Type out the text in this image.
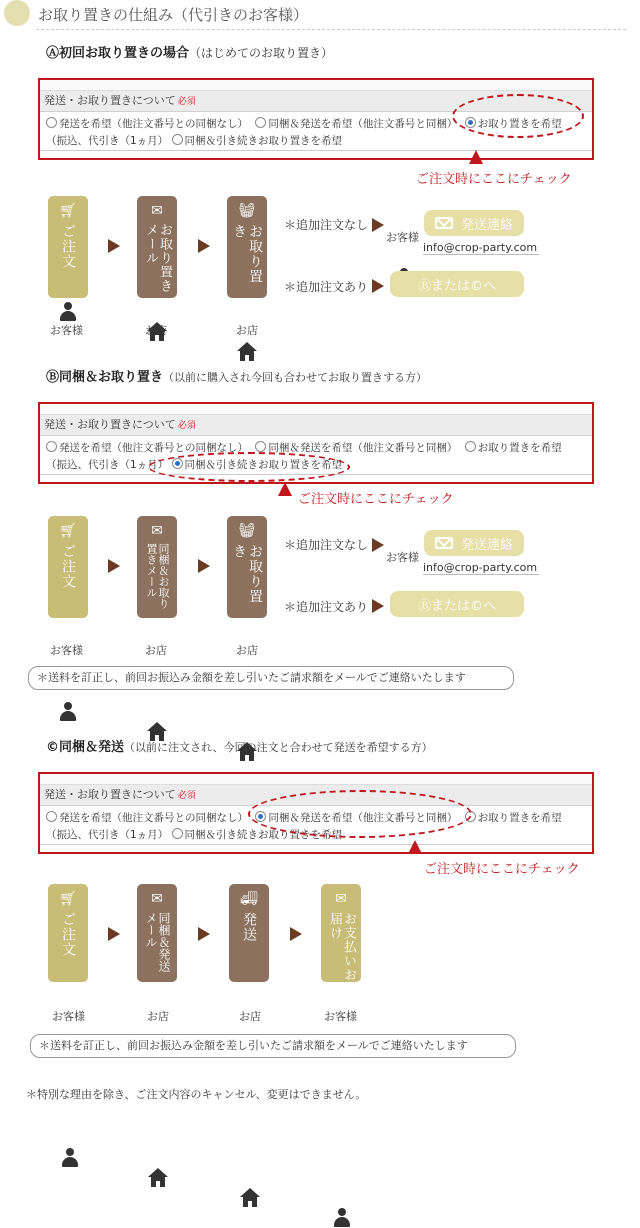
お取り置きの仕組み（代引きのお客様）
Ⓐ初回お取り置きの場合（はじめてのお取り置き）
発送・お取り置きについて 必須
発送を希望（他注文番号との同梱なし） 同梱＆発送を希望（他注文番号と同梱） お取り置きを希望
（振込、代引き（1ヵ月） 同梱＆引き続きお取り置きを希望
ご注文時にここにチェック
🛒︎
ご注文
✉︎
お取り置きメール
🧺︎
お取り置き
お客様	お店	お店
＊追加注文なし
お客様
発送連絡
info@crop-party.com
＊追加注文あり	Ⓑまたは©へ
Ⓑ同梱＆お取り置き（以前に購入され今回も合わせてお取り置きする方）
発送・お取り置きについて 必須
発送を希望（他注文番号との同梱なし） 同梱＆発送を希望（他注文番号と同梱） お取り置きを希望
（振込、代引き（1ヵ月） 同梱＆引き続きお取り置きを希望
ご注文時にここにチェック
🛒︎
ご注文
✉︎
同梱＆お取り置きメール
🧺︎
お取り置き
お客様	お店	お店
＊追加注文なし
お客様
発送連絡
info@crop-party.com
＊追加注文あり	Ⓑまたは©へ
＊送料を訂正し、前回お振込み金額を差し引いたご請求額をメールでご連絡いたします
©同梱＆発送（以前に注文され、今回の注文と合わせて発送を希望する方）
発送・お取り置きについて 必須
発送を希望（他注文番号との同梱なし） 同梱＆発送を希望（他注文番号と同梱） お取り置きを希望
（振込、代引き（1ヵ月） 同梱＆引き続きお取り置きを希望
ご注文時にここにチェック
🛒︎
ご注文
✉︎
同梱＆発送メール
🚚︎
発送
✉︎
お支払いお届け
お客様	お店	お店	お客様
＊送料を訂正し、前回お振込み金額を差し引いたご請求額をメールでご連絡いたします
＊特別な理由を除き、ご注文内容のキャンセル、変更はできません。
